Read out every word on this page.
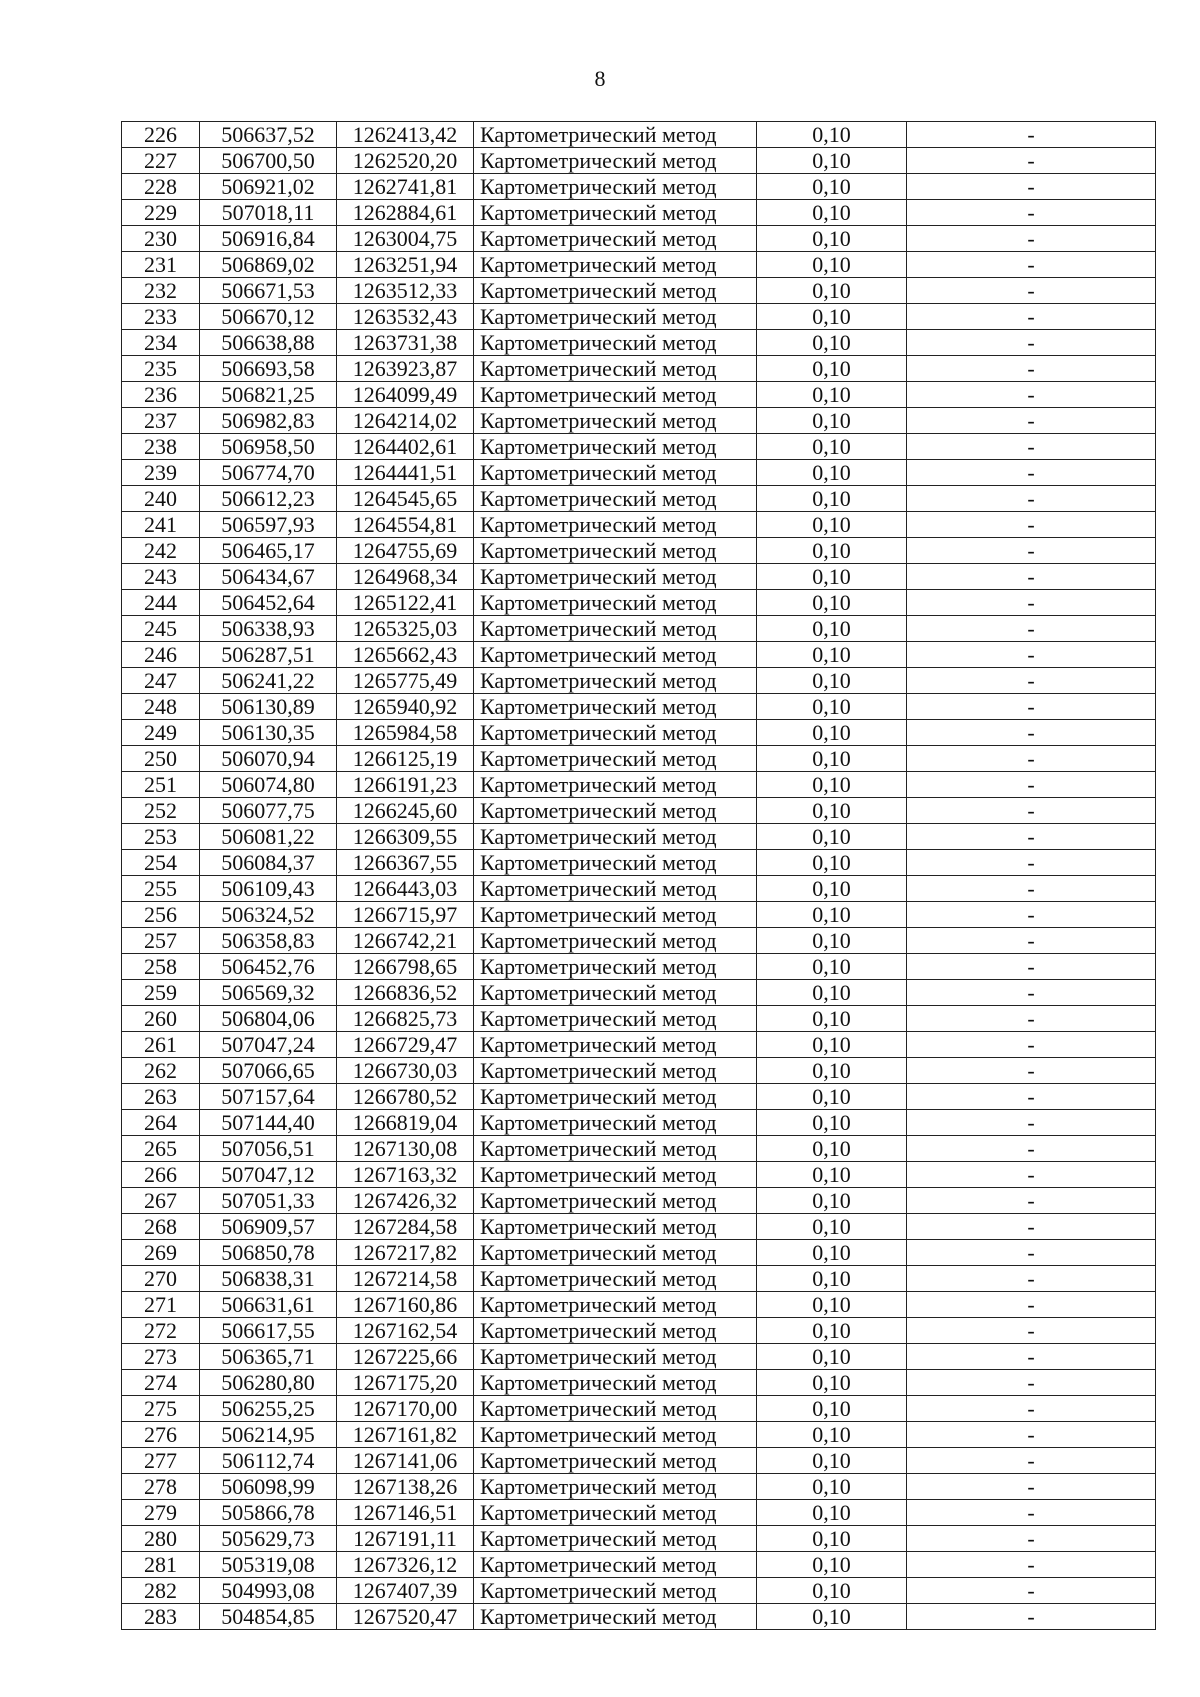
8
226	506637,52	1262413,42	Картометрический метод	0,10	-
227	506700,50	1262520,20	Картометрический метод	0,10	-
228	506921,02	1262741,81	Картометрический метод	0,10	-
229	507018,11	1262884,61	Картометрический метод	0,10	-
230	506916,84	1263004,75	Картометрический метод	0,10	-
231	506869,02	1263251,94	Картометрический метод	0,10	-
232	506671,53	1263512,33	Картометрический метод	0,10	-
233	506670,12	1263532,43	Картометрический метод	0,10	-
234	506638,88	1263731,38	Картометрический метод	0,10	-
235	506693,58	1263923,87	Картометрический метод	0,10	-
236	506821,25	1264099,49	Картометрический метод	0,10	-
237	506982,83	1264214,02	Картометрический метод	0,10	-
238	506958,50	1264402,61	Картометрический метод	0,10	-
239	506774,70	1264441,51	Картометрический метод	0,10	-
240	506612,23	1264545,65	Картометрический метод	0,10	-
241	506597,93	1264554,81	Картометрический метод	0,10	-
242	506465,17	1264755,69	Картометрический метод	0,10	-
243	506434,67	1264968,34	Картометрический метод	0,10	-
244	506452,64	1265122,41	Картометрический метод	0,10	-
245	506338,93	1265325,03	Картометрический метод	0,10	-
246	506287,51	1265662,43	Картометрический метод	0,10	-
247	506241,22	1265775,49	Картометрический метод	0,10	-
248	506130,89	1265940,92	Картометрический метод	0,10	-
249	506130,35	1265984,58	Картометрический метод	0,10	-
250	506070,94	1266125,19	Картометрический метод	0,10	-
251	506074,80	1266191,23	Картометрический метод	0,10	-
252	506077,75	1266245,60	Картометрический метод	0,10	-
253	506081,22	1266309,55	Картометрический метод	0,10	-
254	506084,37	1266367,55	Картометрический метод	0,10	-
255	506109,43	1266443,03	Картометрический метод	0,10	-
256	506324,52	1266715,97	Картометрический метод	0,10	-
257	506358,83	1266742,21	Картометрический метод	0,10	-
258	506452,76	1266798,65	Картометрический метод	0,10	-
259	506569,32	1266836,52	Картометрический метод	0,10	-
260	506804,06	1266825,73	Картометрический метод	0,10	-
261	507047,24	1266729,47	Картометрический метод	0,10	-
262	507066,65	1266730,03	Картометрический метод	0,10	-
263	507157,64	1266780,52	Картометрический метод	0,10	-
264	507144,40	1266819,04	Картометрический метод	0,10	-
265	507056,51	1267130,08	Картометрический метод	0,10	-
266	507047,12	1267163,32	Картометрический метод	0,10	-
267	507051,33	1267426,32	Картометрический метод	0,10	-
268	506909,57	1267284,58	Картометрический метод	0,10	-
269	506850,78	1267217,82	Картометрический метод	0,10	-
270	506838,31	1267214,58	Картометрический метод	0,10	-
271	506631,61	1267160,86	Картометрический метод	0,10	-
272	506617,55	1267162,54	Картометрический метод	0,10	-
273	506365,71	1267225,66	Картометрический метод	0,10	-
274	506280,80	1267175,20	Картометрический метод	0,10	-
275	506255,25	1267170,00	Картометрический метод	0,10	-
276	506214,95	1267161,82	Картометрический метод	0,10	-
277	506112,74	1267141,06	Картометрический метод	0,10	-
278	506098,99	1267138,26	Картометрический метод	0,10	-
279	505866,78	1267146,51	Картометрический метод	0,10	-
280	505629,73	1267191,11	Картометрический метод	0,10	-
281	505319,08	1267326,12	Картометрический метод	0,10	-
282	504993,08	1267407,39	Картометрический метод	0,10	-
283	504854,85	1267520,47	Картометрический метод	0,10	-
